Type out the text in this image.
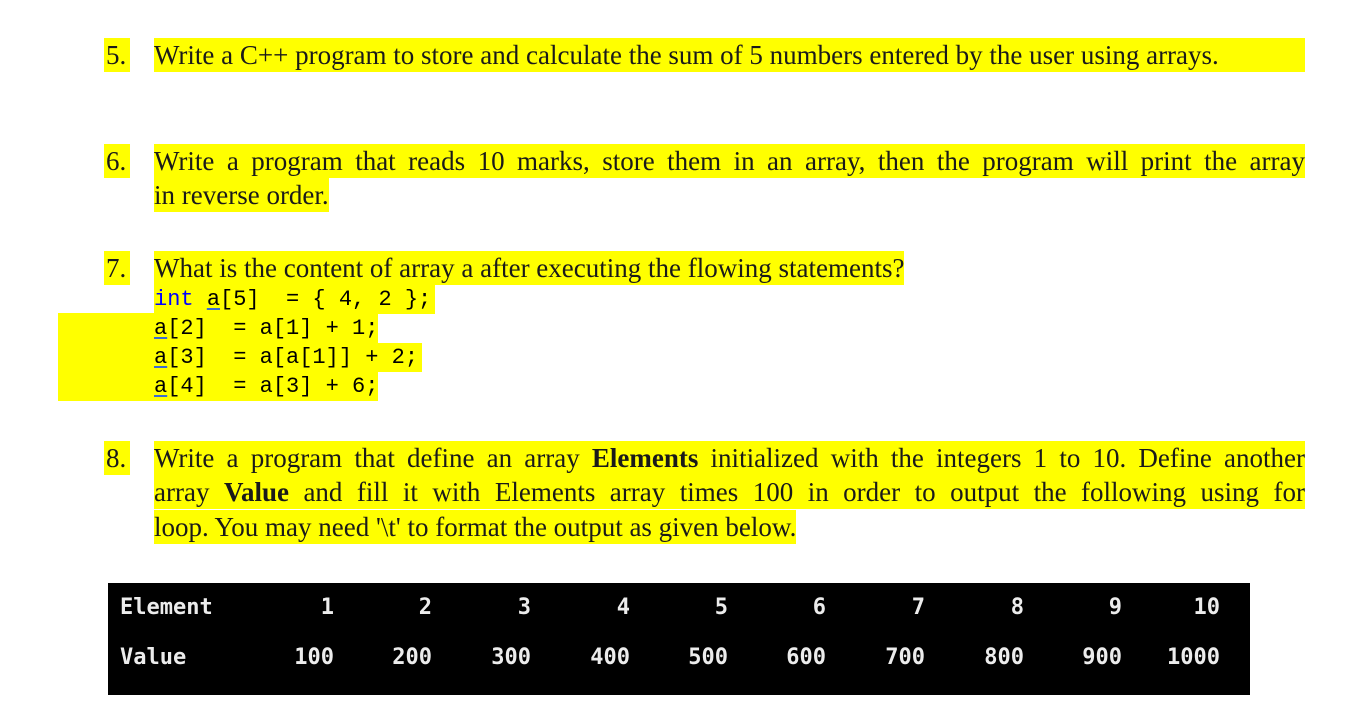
5. Write a C++ program to store and calculate the sum of 5 numbers entered by the user using arrays.
6. Write a program that reads 10 marks, store them in an array, then the program will print the array
in reverse order.
7. What is the content of array a after executing the flowing statements?
int a[5]  = { 4, 2 };
a[2]  = a[1] + 1;
a[3]  = a[a[1]] + 2;
a[4]  = a[3] + 6;
8. Write a program that define an array Elements initialized with the integers 1 to 10. Define another
array Value and fill it with Elements array times 100 in order to output the following using for
loop. You may need '\t' to format the output as given below.
Element	1	2	3	4	5	6	7	8	9	10
Value	100	200	300	400	500	600	700	800	900	1000
